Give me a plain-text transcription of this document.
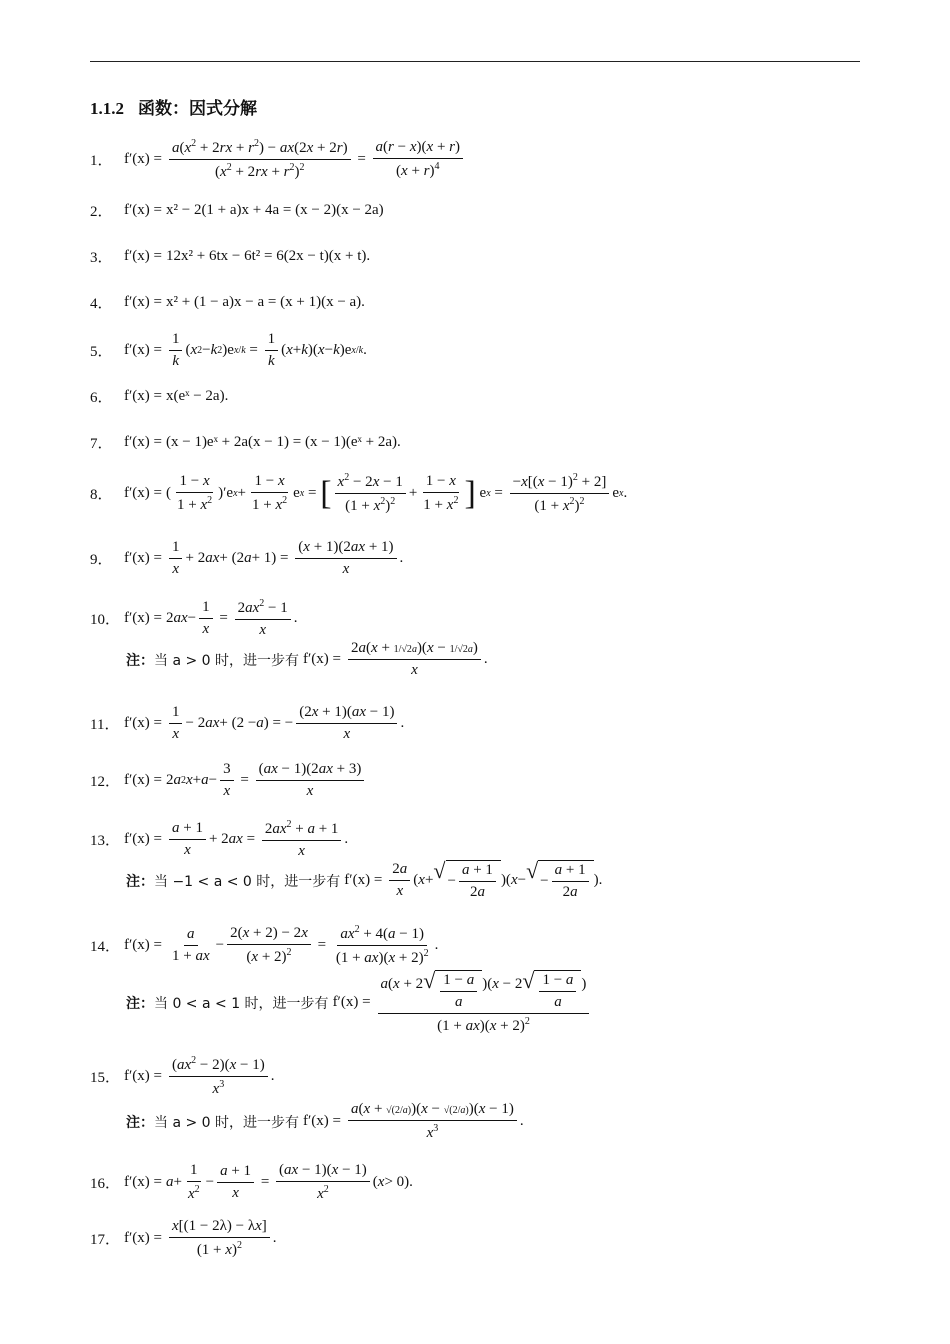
1.1.2 函数：因式分解
1． $f'(x) = \frac{a(x^2 + 2rx + r^2) - ax(2x + 2r)}{(x^2 + 2rx + r^2)^2} = \frac{a(r - x)(x + r)}{(x + r)^4}$
2． f′(x) = x² − 2(1 + a)x + 4a = (x − 2)(x − 2a)
3． f′(x) = 12x² + 6tx − 6t² = 6(2x − t)(x + t).
4． f′(x) = x² + (1 − a)x − a = (x + 1)(x − a).
5． $f'(x) = \frac{1}{k}$ ( x 2 − k 2 )e $x/k = \frac{1}{k}$ ( x + k )( x − k )e x/k .
6． f′(x) = x(eˣ − 2a).
7． f′(x) = (x − 1)eˣ + 2a(x − 1) = (x − 1)(eˣ + 2a).
8． f′(x) = ( $\frac{1 - x}{1 + x^2} )'e$ $x + \frac{1 - x}{1 + x^2}$ e x = [ $\frac{x^2 - 2x - 1}{(1 + x^2)^2} + \frac{1 - x}{1 + x^2}$ ] e $x = \frac{-x[(x - 1)^2 + 2]}{(1 + x^2)^2}$ e x .
9． $f'(x) = \frac{1}{x} + 2$ ax + (2 $a + 1) = \frac{(x + 1)(2ax + 1)}{x}$ .
10． f′(x) = 2 ax − $\frac{1}{x} = \frac{2ax^2 - 1}{x}$ .
注： 当 a > 0 时，进一步有 $f'(x) = \frac{2a(x + 1/√2a)(x - 1/√2a)}{x}$ .
11． $f'(x) = \frac{1}{x} - 2$ ax + (2 − a ) = − $\frac{(2x + 1)(ax - 1)}{x}$ .
12． f′(x) = 2 a 2 $x + a - \frac{3}{x} = \frac{(ax - 1)(2ax + 3)}{x}$
13． $f'(x) = \frac{a + 1}{x} + 2$ ax = $\frac{2ax^2 + a + 1}{x}$ .
注： 当 −1 < a < 0 时，进一步有 $f'(x) = \frac{2a}{x}$ ( x + √ − $\frac{a + 1}{2a}$ )( x − √ − $\frac{a + 1}{2a}$ ).
14． $f'(x) = \frac{a}{1 + ax} - \frac{2(x + 2) - 2x}{(x + 2)^2} = \frac{ax^2 + 4(a - 1)}{(1 + ax)(x + 2)^2}$ .
注： 当 0 < a < 1 时，进一步有 $f'(x) = \frac{a(x + 2 √ \frac{1 - a}{a} )(x - 2 √ \frac{1 - a}{a} )}{(1 + ax)(x + 2)^2}$
15． $f'(x) = \frac{(ax^2 - 2)(x - 1)}{x^3}$ .
注： 当 a > 0 时，进一步有 $f'(x) = \frac{a(x + √(2/a))(x - √(2/a))(x - 1)}{x^3}$ .
16． $f'(x) = a + \frac{1}{x^2} - \frac{a + 1}{x} = \frac{(ax - 1)(x - 1)}{x^2}$ ( x > 0).
17． $f'(x) = \frac{x[(1 - 2\lambda) - \lambda x]}{(1 + x)^2}$ .
